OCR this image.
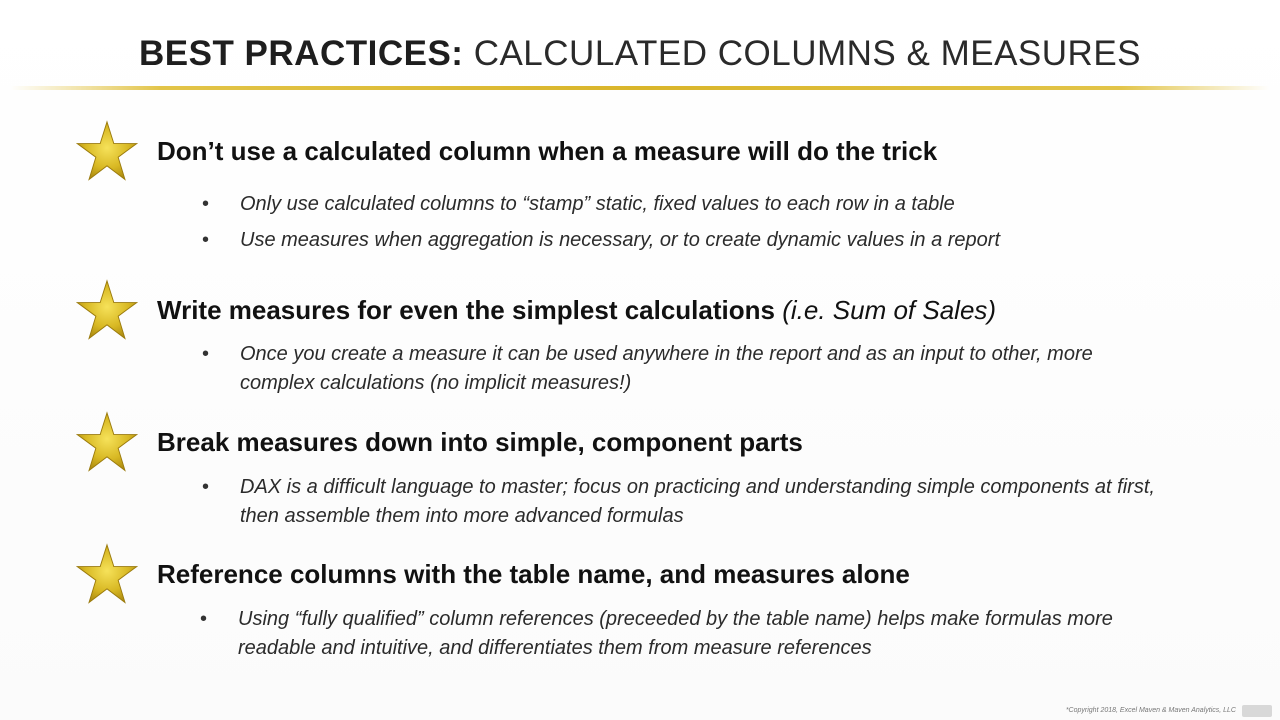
BEST PRACTICES: CALCULATED COLUMNS & MEASURES
Don’t use a calculated column when a measure will do the trick
• Only use calculated columns to “stamp” static, fixed values to each row in a table
• Use measures when aggregation is necessary, or to create dynamic values in a report
Write measures for even the simplest calculations (i.e. Sum of Sales)
• Once you create a measure it can be used anywhere in the report and as an input to other, more complex calculations (no implicit measures!)
Break measures down into simple, component parts
• DAX is a difficult language to master; focus on practicing and understanding simple components at first, then assemble them into more advanced formulas
Reference columns with the table name, and measures alone
• Using “fully qualified” column references (preceeded by the table name) helps make formulas more readable and intuitive, and differentiates them from measure references
*Copyright 2018, Excel Maven & Maven Analytics, LLC
